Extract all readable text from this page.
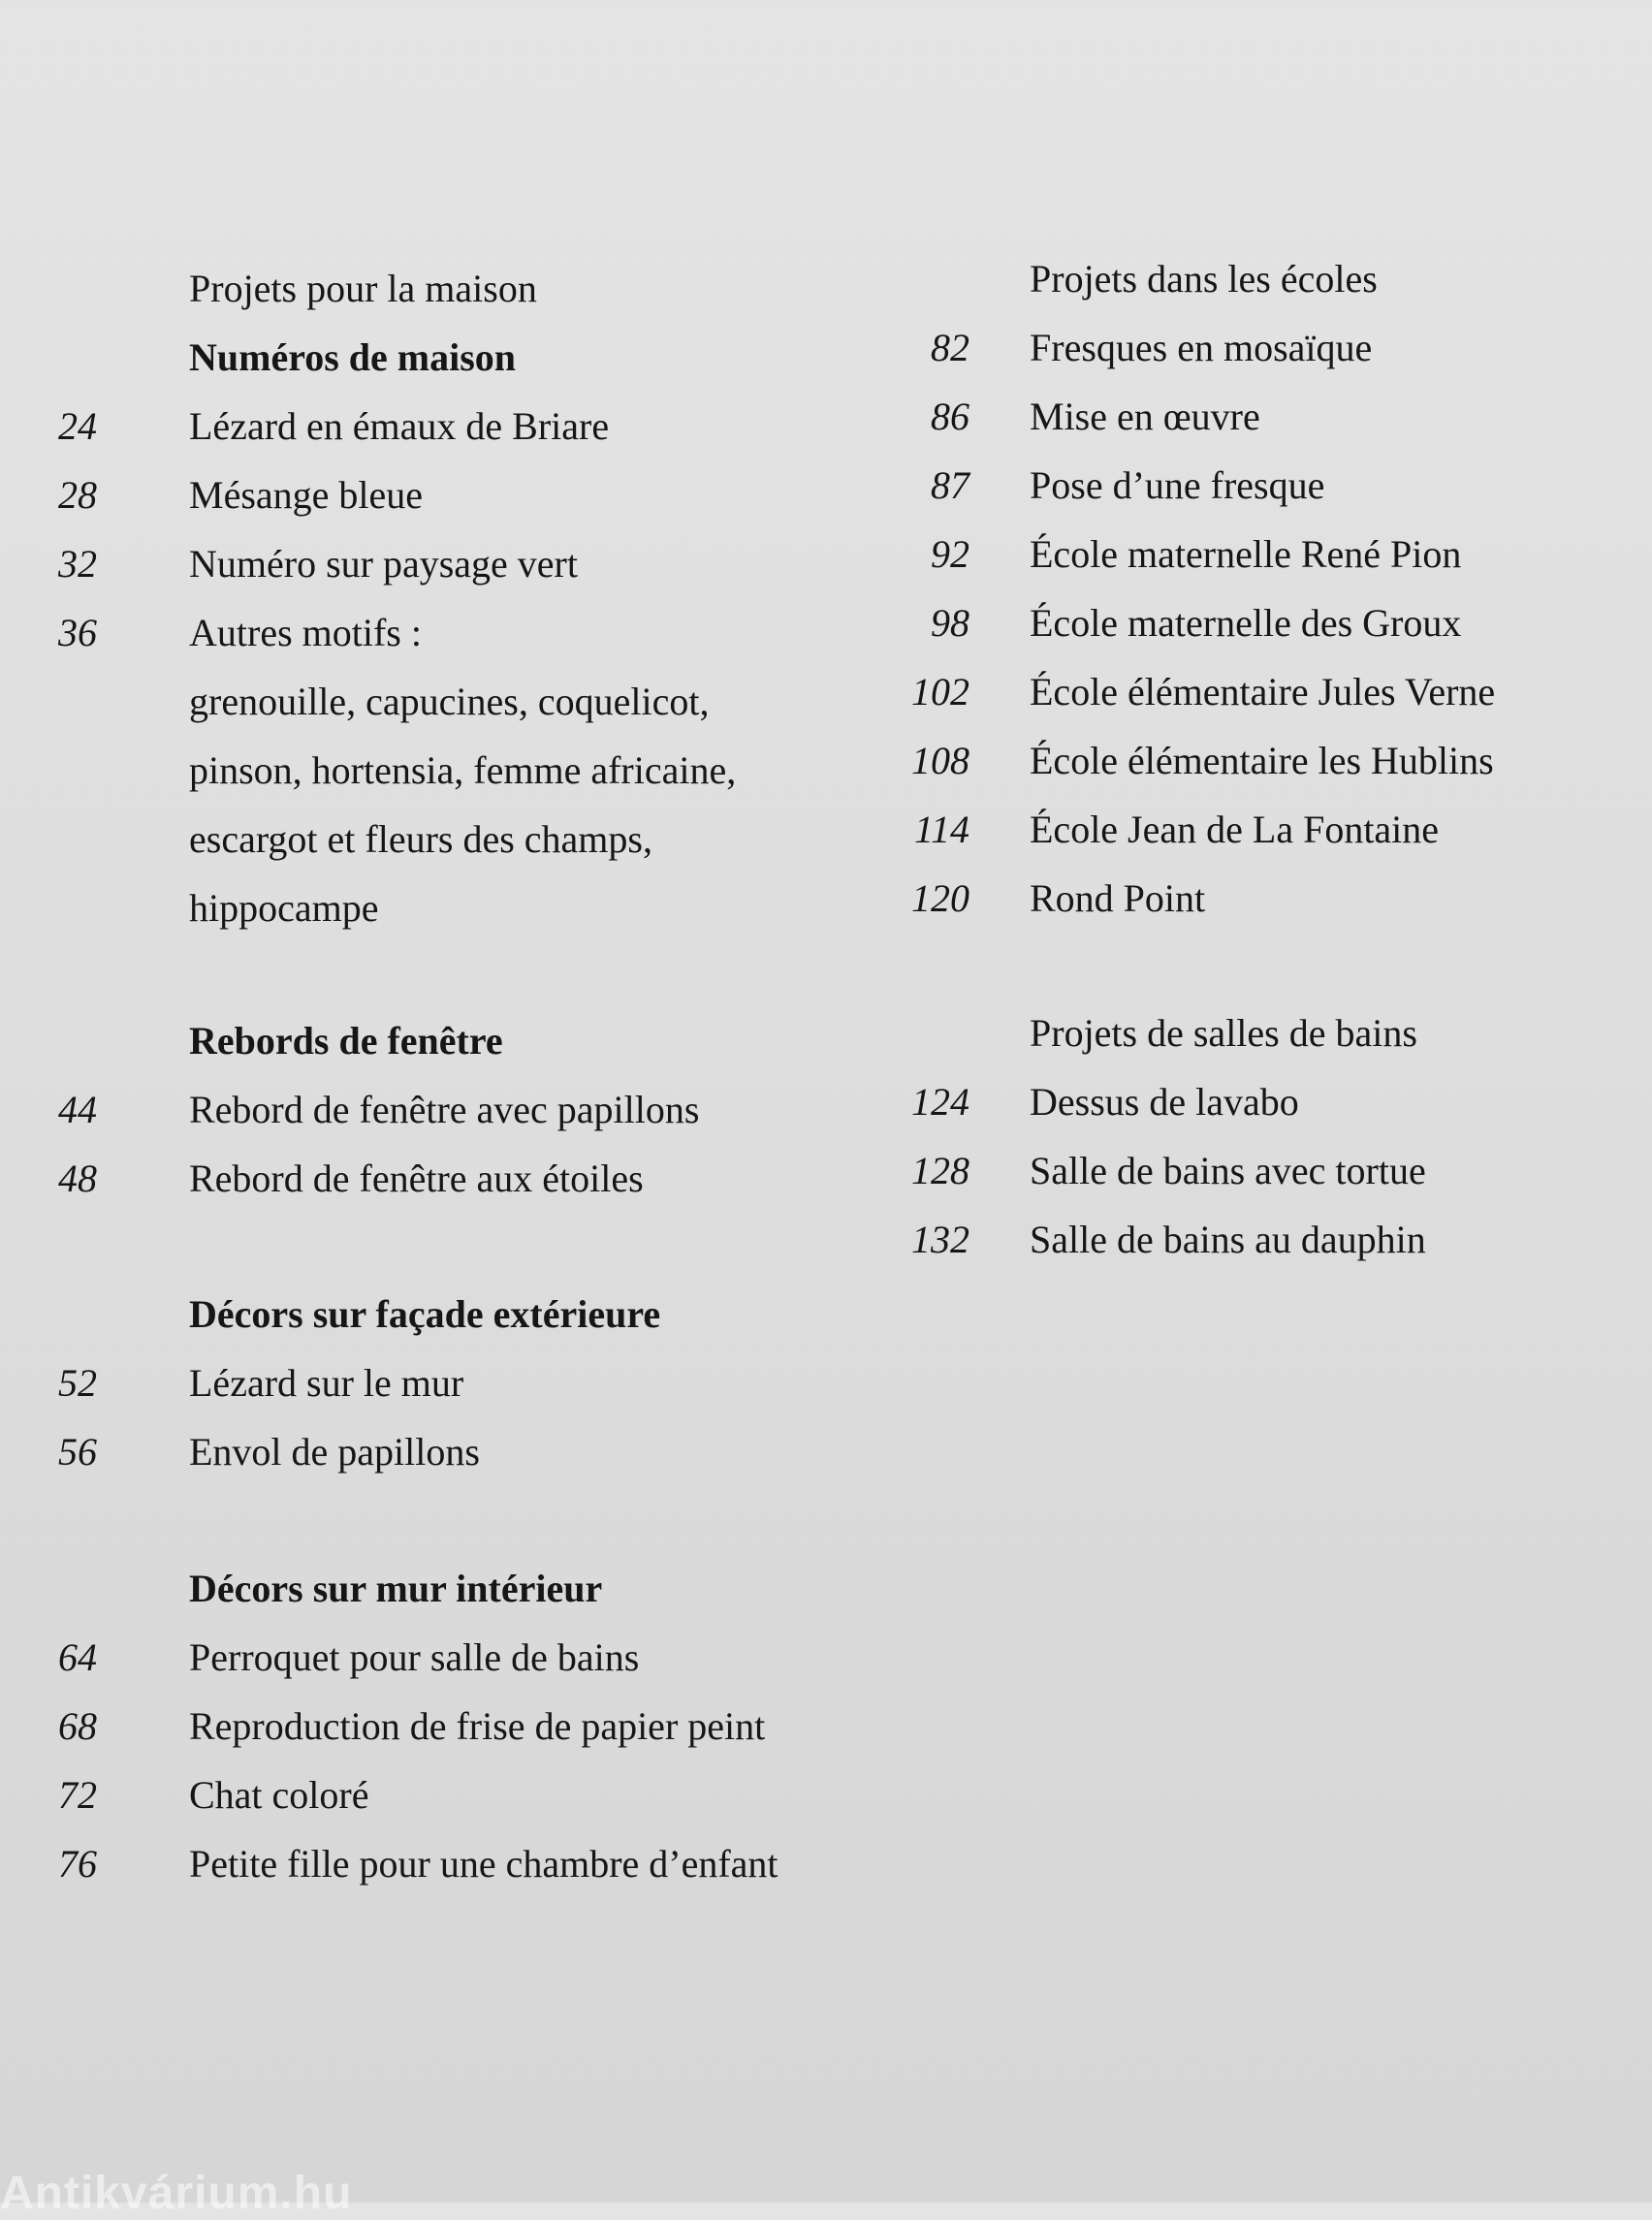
Projets pour la maison
Numéros de maison
24	Lézard en émaux de Briare
28	Mésange bleue
32	Numéro sur paysage vert
36	Autres motifs :
grenouille, capucines, coquelicot,
pinson, hortensia, femme africaine,
escargot et fleurs des champs,
hippocampe
Rebords de fenêtre
44	Rebord de fenêtre avec papillons
48	Rebord de fenêtre aux étoiles
Décors sur façade extérieure
52	Lézard sur le mur
56	Envol de papillons
Décors sur mur intérieur
64	Perroquet pour salle de bains
68	Reproduction de frise de papier peint
72	Chat coloré
76	Petite fille pour une chambre d’enfant
Projets dans les écoles
82 Fresques en mosaïque
86 Mise en œuvre
87 Pose d’une fresque
92 École maternelle René Pion
98 École maternelle des Groux
102 École élémentaire Jules Verne
108 École élémentaire les Hublins
114 École Jean de La Fontaine
120 Rond Point
Projets de salles de bains
124 Dessus de lavabo
128 Salle de bains avec tortue
132 Salle de bains au dauphin
Antikvárium.hu
